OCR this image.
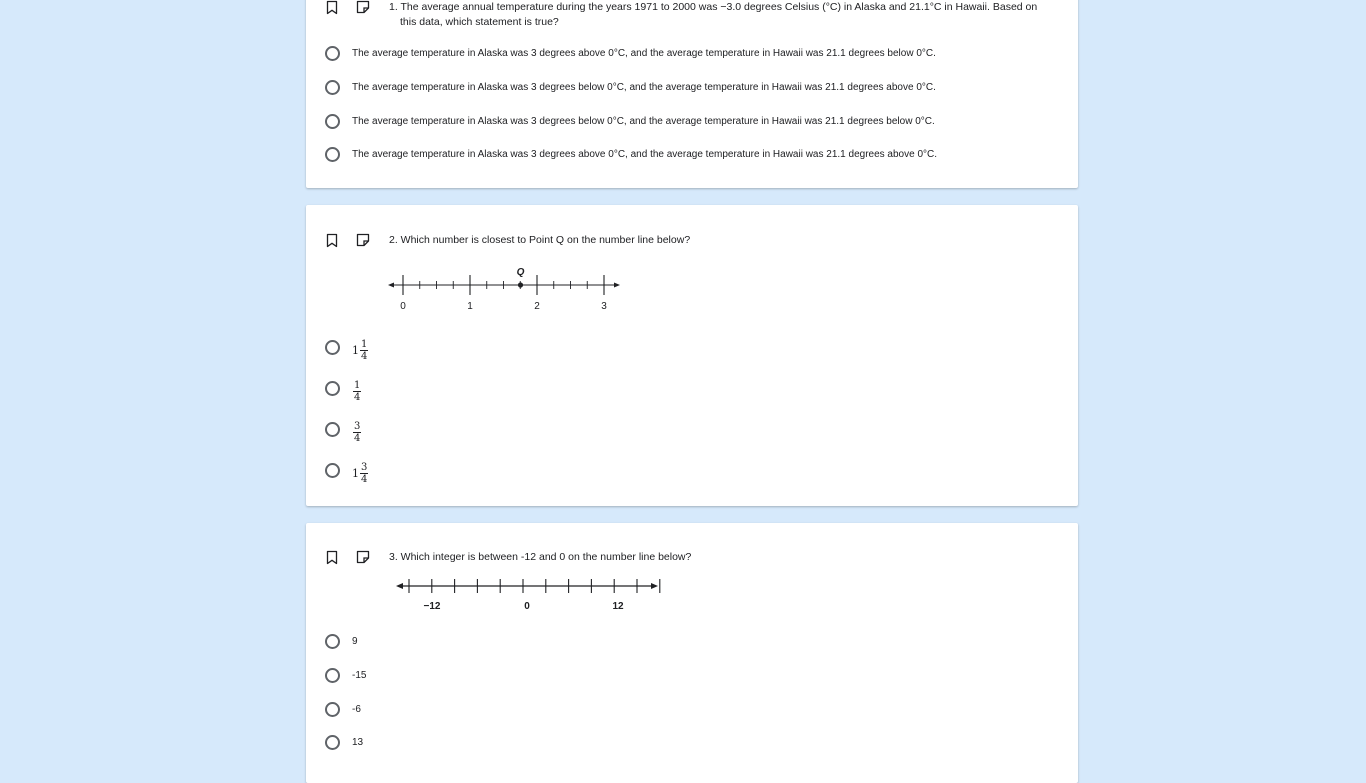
1. The average annual temperature during the years 1971 to 2000 was −3.0 degrees Celsius (°C) in Alaska and 21.1°C in Hawaii. Based on this data, which statement is true?
The average temperature in Alaska was 3 degrees above 0°C, and the average temperature in Hawaii was 21.1 degrees below 0°C.
The average temperature in Alaska was 3 degrees below 0°C, and the average temperature in Hawaii was 21.1 degrees above 0°C.
The average temperature in Alaska was 3 degrees below 0°C, and the average temperature in Hawaii was 21.1 degrees below 0°C.
The average temperature in Alaska was 3 degrees above 0°C, and the average temperature in Hawaii was 21.1 degrees above 0°C.
2. Which number is closest to Point Q on the number line below?
Q
0	1	2	3
$1 \frac{1}{4}$
$\frac{1}{4}$
$\frac{3}{4}$
$1 \frac{3}{4}$
3. Which integer is between -12 and 0 on the number line below?
−12	0	12
9
-15
-6
13
